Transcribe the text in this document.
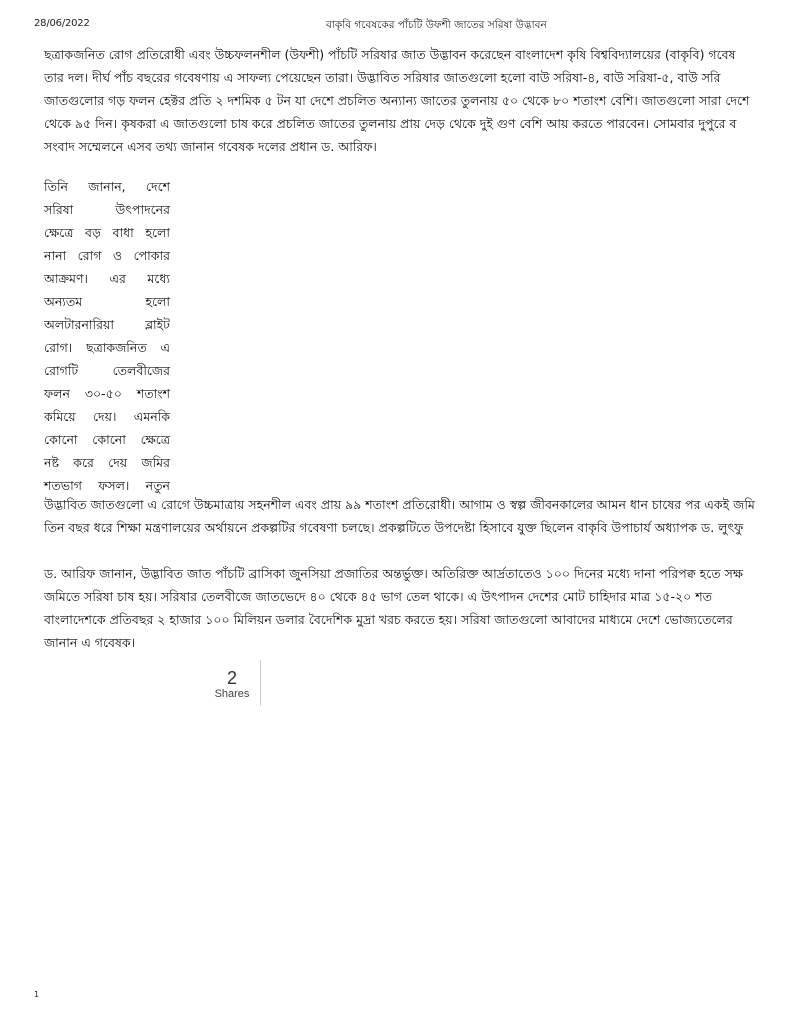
28/06/2022	বাকৃবি গবেষকের পাঁচটি উফশী জাতের সরিষা উদ্ভাবন

ছত্রাকজনিত রোগ প্রতিরোধী এবং উচ্চফলনশীল (উফশী) পাঁচটি সরিষার জাত উদ্ভাবন করেছেন বাংলাদেশ কৃষি বিশ্ববিদ্যালয়ের (বাকৃবি) গবেষ
তার দল। দীর্ঘ পাঁচ বছরের গবেষণায় এ সাফল্য পেয়েছেন তারা। উদ্ভাবিত সরিষার জাতগুলো হলো বাউ সরিষা-৪, বাউ সরিষা-৫, বাউ সরি
জাতগুলোর গড় ফলন হেক্টর প্রতি ২ দশমিক ৫ টন যা দেশে প্রচলিত অন্যান্য জাতের তুলনায় ৫০ থেকে ৮০ শতাংশ বেশি। জাতগুলো সারা দেশে
থেকে ৯৫ দিন। কৃষকরা এ জাতগুলো চাষ করে প্রচলিত জাতের তুলনায় প্রায় দেড় থেকে দুই গুণ বেশি আয় করতে পারবেন। সোমবার দুপুরে ব
সংবাদ সম্মেলনে এসব তথ্য জানান গবেষক দলের প্রধান ড. আরিফ।

তিনি জানান, দেশে
সরিষা উৎপাদনের
ক্ষেত্রে বড় বাধা হলো
নানা রোগ ও পোকার
আক্রমণ। এর মধ্যে
অন্যতম হলো
অলটারনারিয়া ব্লাইট
রোগ। ছত্রাকজনিত এ
রোগটি তেলবীজের
ফলন ৩০-৫০ শতাংশ
কমিয়ে দেয়। এমনকি
কোনো কোনো ক্ষেত্রে
নষ্ট করে দেয় জমির
শতভাগ ফসল। নতুন
উদ্ভাবিত জাতগুলো এ রোগে উচ্চমাত্রায় সহনশীল এবং প্রায় ৯৯ শতাংশ প্রতিরোধী। আগাম ও স্বল্প জীবনকালের আমন ধান চাষের পর একই জমি
তিন বছর ধরে শিক্ষা মন্ত্রণালয়ের অর্থায়নে প্রকল্পটির গবেষণা চলছে। প্রকল্পটিতে উপদেষ্টা হিসাবে যুক্ত ছিলেন বাকৃবি উপাচার্য অধ্যাপক ড. লুৎফু
ড. আরিফ জানান, উদ্ভাবিত জাত পাঁচটি ব্রাসিকা জুনসিয়া প্রজাতির অন্তর্ভুক্ত। অতিরিক্ত আর্দ্রতাতেও ১০০ দিনের মধ্যে দানা পরিপক্ব হতে সক্ষ
জমিতে সরিষা চাষ হয়। সরিষার তেলবীজে জাতভেদে ৪০ থেকে ৪৫ ভাগ তেল থাকে। এ উৎপাদন দেশের মোট চাহিদার মাত্র ১৫-২০ শত
বাংলাদেশকে প্রতিবছর ২ হাজার ১০০ মিলিয়ন ডলার বৈদেশিক মুদ্রা খরচ করতে হয়। সরিষা জাতগুলো আবাদের মাধ্যমে দেশে ভোজ্যতেলের
জানান এ গবেষক।
2
Shares
1
